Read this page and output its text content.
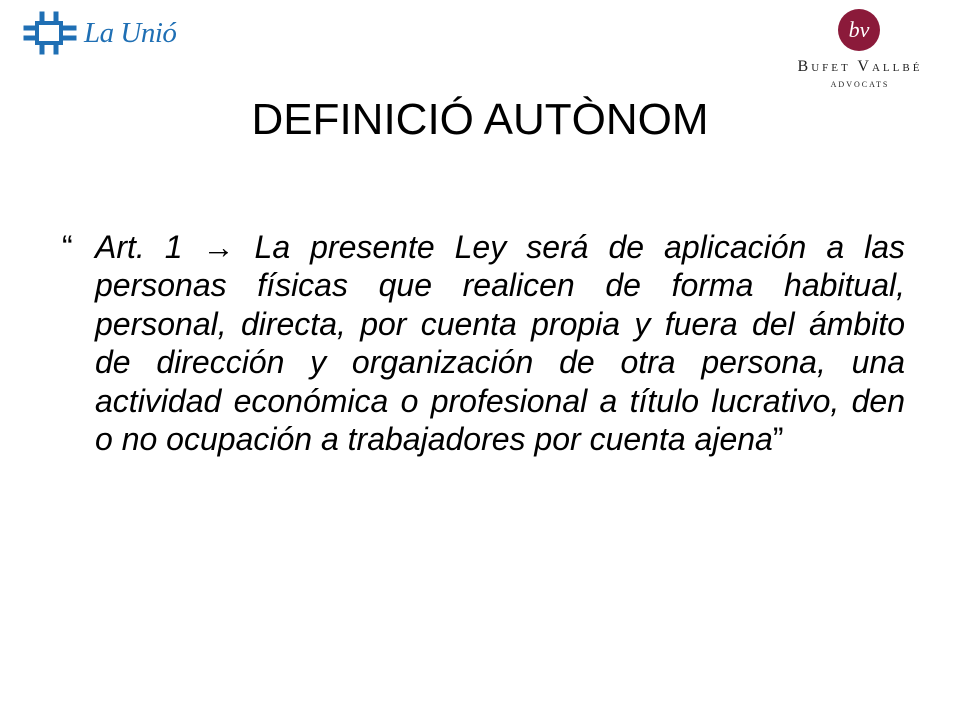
La Unió	bv
Bufet Vallbé
ADVOCATS
DEFINICIÓ AUTÒNOM

“ Art. 1 → La presente Ley será de aplicación a las personas físicas que realicen de forma habitual, personal, directa, por cuenta propia y fuera del ámbito de dirección y organización de otra persona, una actividad económica o profesional a título lucrativo, den o no ocupación a trabajadores por cuenta ajena”
